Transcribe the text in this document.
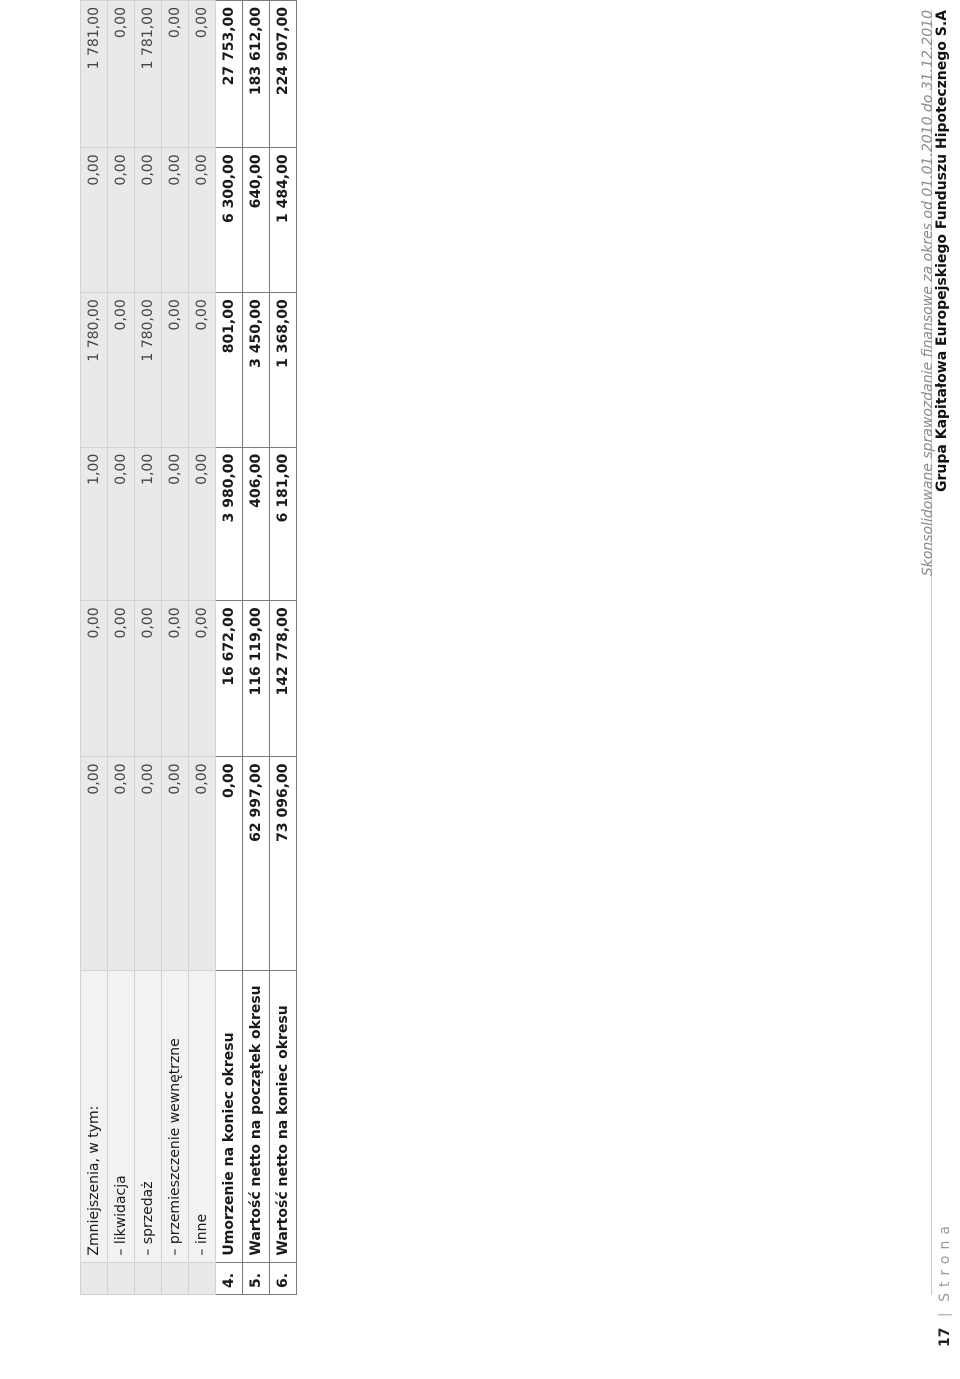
	Zmniejszenia, w tym:	0,00	0,00	1,00	1 780,00	0,00	1 781,00
	– likwidacja	0,00	0,00	0,00	0,00	0,00	0,00
	– sprzedaż	0,00	0,00	1,00	1 780,00	0,00	1 781,00
	– przemieszczenie wewnętrzne	0,00	0,00	0,00	0,00	0,00	0,00
	– inne	0,00	0,00	0,00	0,00	0,00	0,00
4.	Umorzenie na koniec okresu	0,00	16 672,00	3 980,00	801,00	6 300,00	27 753,00
5.	Wartość netto na początek okresu	62 997,00	116 119,00	406,00	3 450,00	640,00	183 612,00
6.	Wartość netto na koniec okresu	73 096,00	142 778,00	6 181,00	1 368,00	1 484,00	224 907,00	Grupa Kapitałowa Europejskiego Funduszu Hipotecznego S.A
Skonsolidowane sprawozdanie finansowe za okres od 01.01.2010 do 31.12.2010
17 | Strona
